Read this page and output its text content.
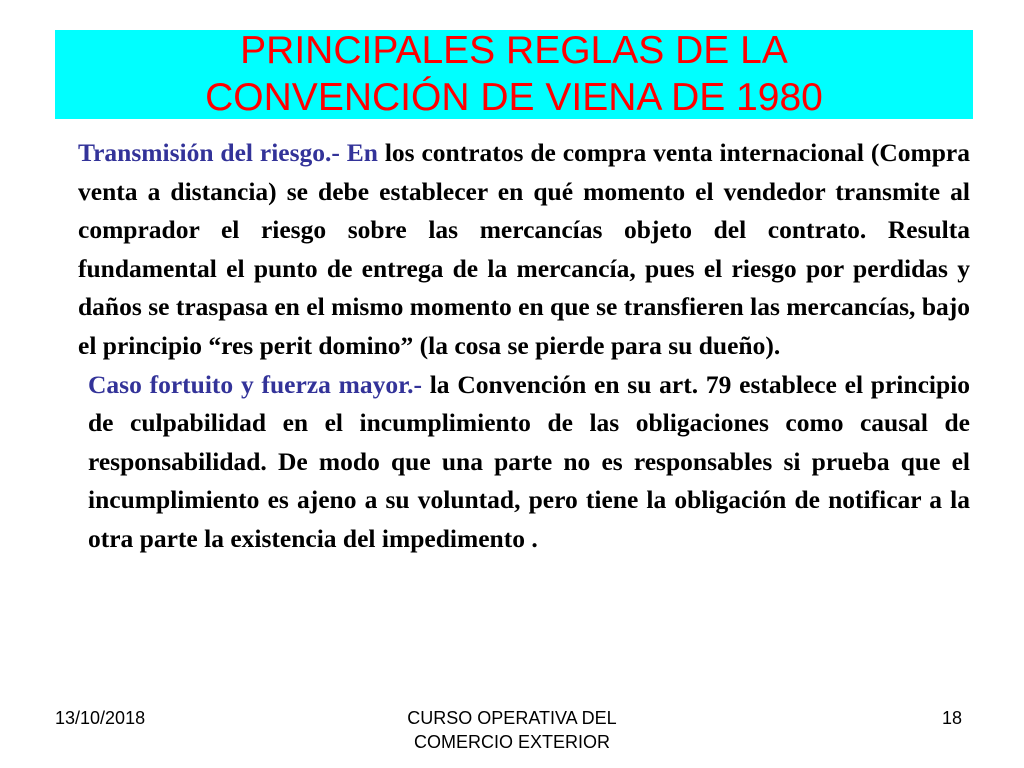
PRINCIPALES REGLAS DE LA
CONVENCIÓN DE VIENA DE 1980

Transmisión del riesgo.- En los contratos de compra venta internacional (Compra venta a distancia) se debe establecer en qué momento el vendedor transmite al comprador el riesgo sobre las mercancías objeto del contrato. Resulta fundamental el punto de entrega de la mercancía, pues el riesgo por perdidas y daños se traspasa en el mismo momento en que se transfieren las mercancías, bajo el principio “res perit domino” (la cosa se pierde para su dueño).

Caso fortuito y fuerza mayor.- la Convención en su art. 79 establece el principio de culpabilidad en el incumplimiento de las obligaciones como causal de responsabilidad. De modo que una parte no es responsables si prueba que el incumplimiento es ajeno a su voluntad, pero tiene la obligación de notificar a la otra parte la existencia del impedimento .

13/10/2018	CURSO OPERATIVA DEL
COMERCIO EXTERIOR
18
